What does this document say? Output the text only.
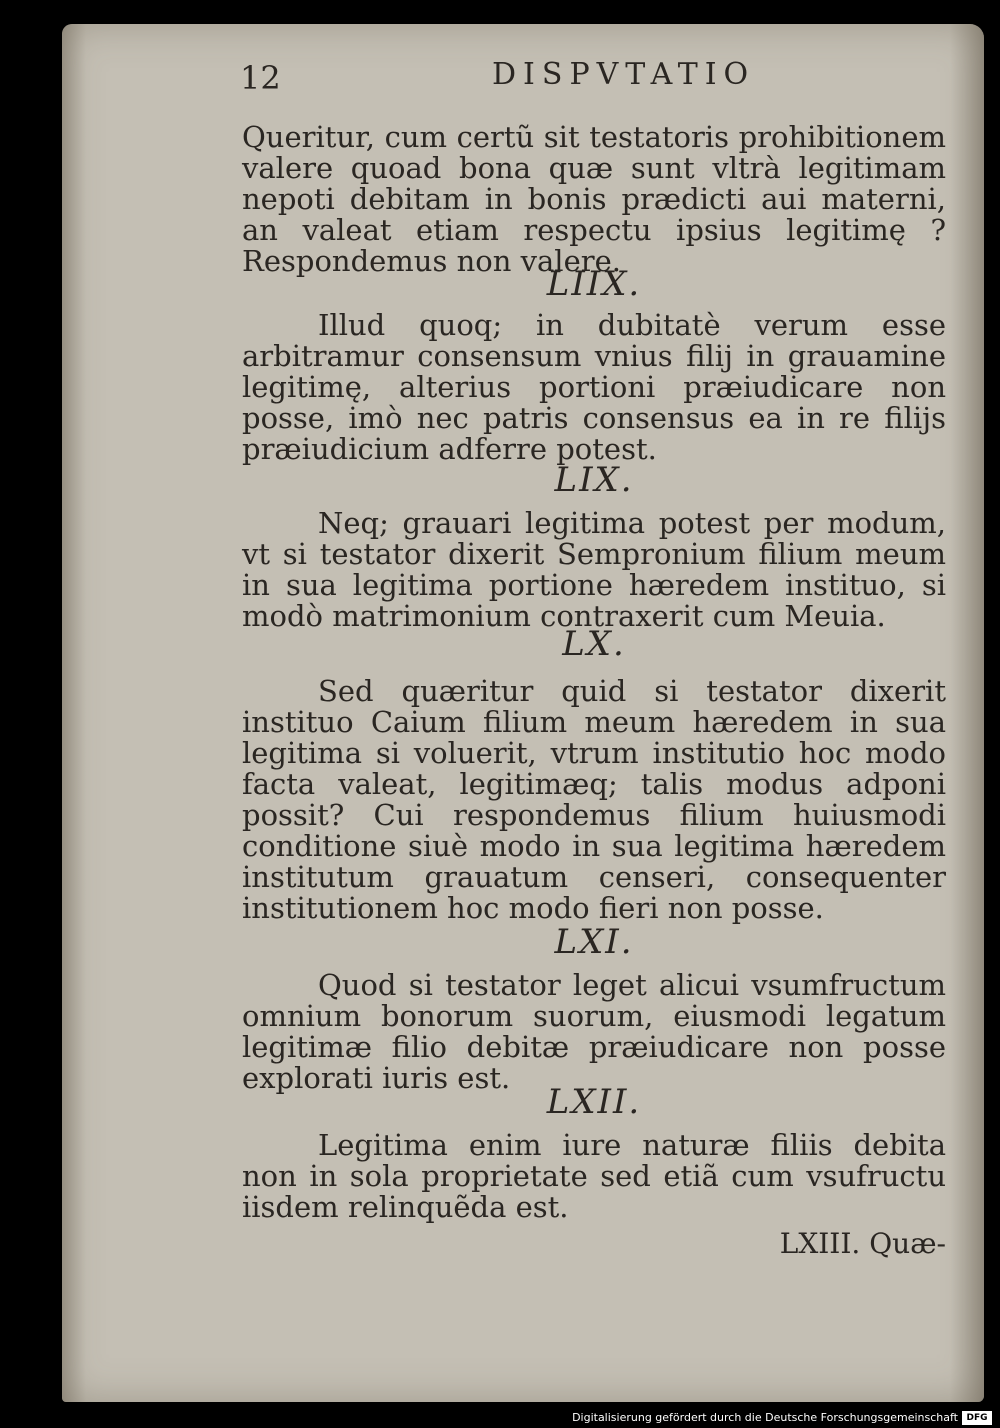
12	DISPVTATIO

Queritur, cum certũ sit testatoris prohibitionem valere quoad bona quæ sunt vltrà legitimam nepoti debitam in bonis prædicti aui materni, an valeat etiam respectu ipsius legitimę ? Respondemus non valere.

LIIX.

Illud quoq; in dubitatè verum esse arbitramur consensum vnius filij in grauamine legitimę, alterius portioni præiudicare non posse, imò nec patris consensus ea in re filijs præiudicium adferre potest.

LIX.

Neq; grauari legitima potest per modum, vt si testator dixerit Sempronium filium meum in sua legitima portione hæredem instituo, si modò matrimonium contraxerit cum Meuia.

LX.

Sed quæritur quid si testator dixerit instituo Caium filium meum hæredem in sua legitima si voluerit, vtrum institutio hoc modo facta valeat, legitimæq; talis modus adponi possit? Cui respondemus filium huiusmodi conditione siuè modo in sua legitima hæredem institutum grauatum censeri, consequenter institutionem hoc modo fieri non posse.

LXI.

Quod si testator leget alicui vsumfructum omnium bonorum suorum, eiusmodi legatum legitimæ filio debitæ præiudicare non posse explorati iuris est.

LXII.

Legitima enim iure naturæ filiis debita non in sola proprietate sed etiã cum vsufructu iisdem relinquẽda est.

LXIII. Quæ-
Digitalisierung gefördert durch die Deutsche Forschungsgemeinschaft DFG
